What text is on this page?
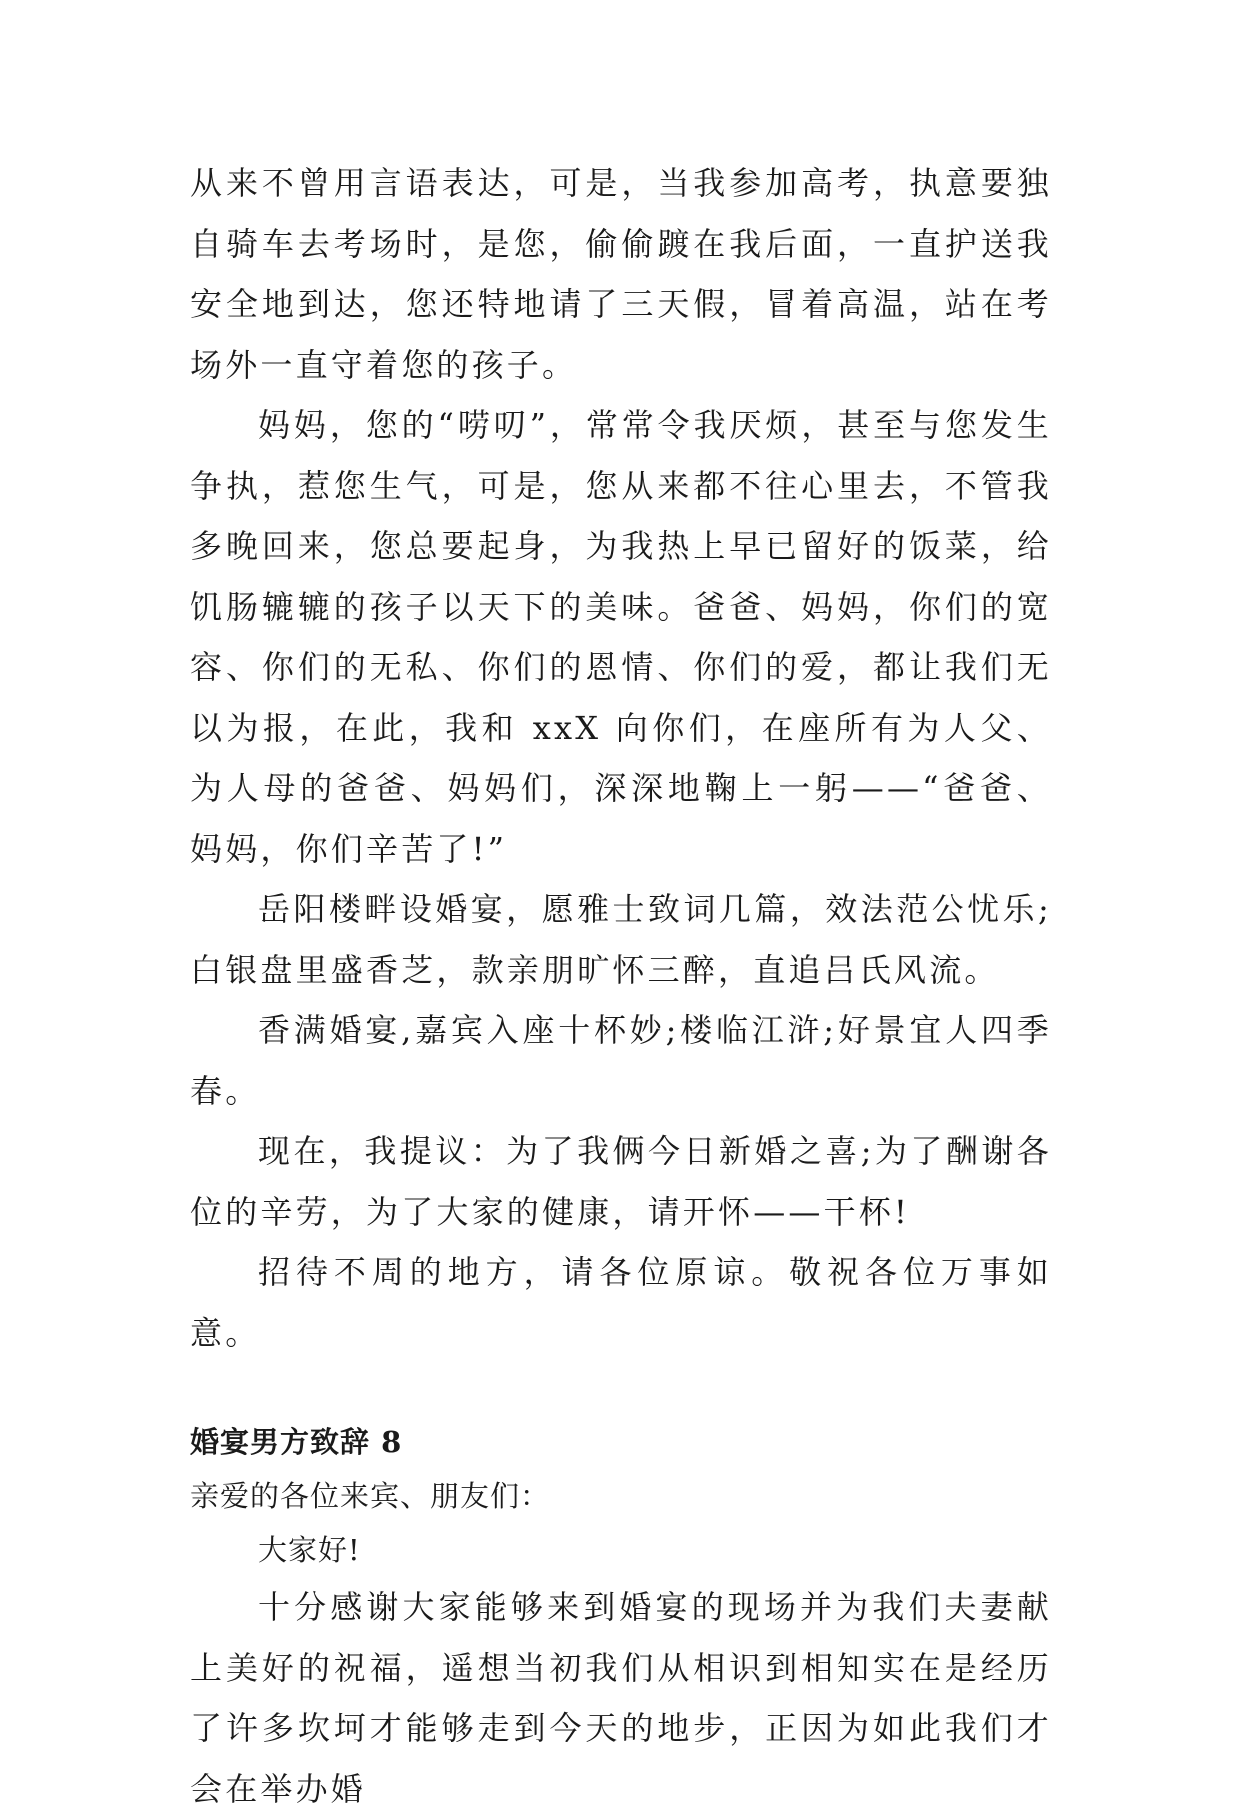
从来不曾用言语表达，可是，当我参加高考，执意要独自骑车去考场时，是您，偷偷踱在我后面，一直护送我安全地到达，您还特地请了三天假，冒着高温，站在考场外一直守着您的孩子。

妈妈，您的“唠叨”，常常令我厌烦，甚至与您发生争执，惹您生气，可是，您从来都不往心里去，不管我多晚回来，您总要起身，为我热上早已留好的饭菜，给饥肠辘辘的孩子以天下的美味。爸爸、妈妈，你们的宽容、你们的无私、你们的恩情、你们的爱，都让我们无以为报，在此，我和 xxX 向你们，在座所有为人父、为人母的爸爸、妈妈们，深深地鞠上一躬——“爸爸、妈妈，你们辛苦了!”

岳阳楼畔设婚宴，愿雅士致词几篇，效法范公忧乐;白银盘里盛香芝，款亲朋旷怀三醉，直追吕氏风流。

香满婚宴,嘉宾入座十杯妙;楼临江浒;好景宜人四季春。

现在，我提议：为了我俩今日新婚之喜;为了酬谢各位的辛劳，为了大家的健康，请开怀——干杯!

招待不周的地方，请各位原谅。敬祝各位万事如意。

婚宴男方致辞 8

亲爱的各位来宾、朋友们：

大家好!

十分感谢大家能够来到婚宴的现场并为我们夫妻献上美好的祝福，遥想当初我们从相识到相知实在是经历了许多坎坷才能够走到今天的地步，正因为如此我们才会在举办婚
